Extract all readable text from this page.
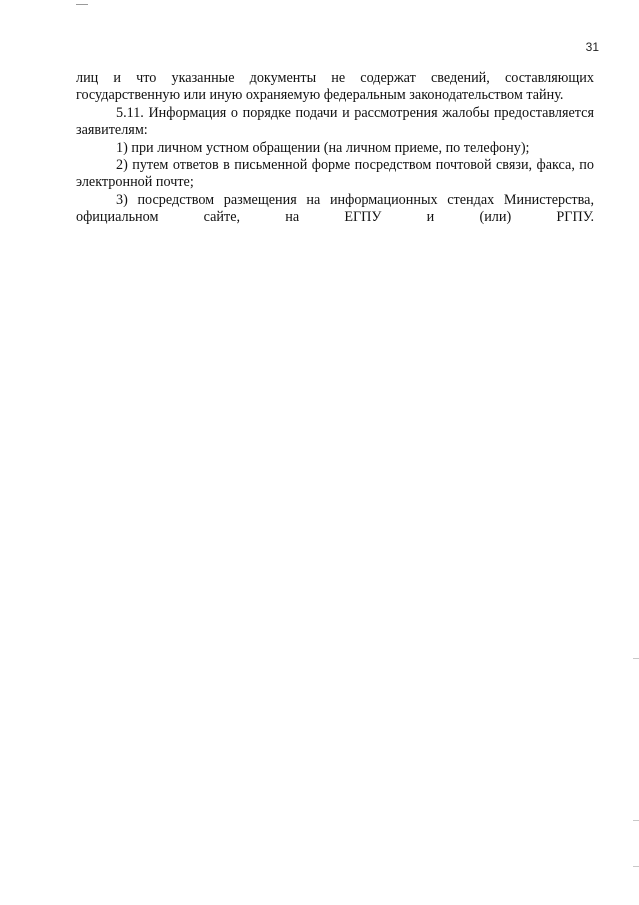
31

лиц и что указанные документы не содержат сведений, составляющих государственную или иную охраняемую федеральным законодательством тайну.

5.11. Информация о порядке подачи и рассмотрения жалобы предоставляется заявителям:

1) при личном устном обращении (на личном приеме, по телефону);

2) путем ответов в письменной форме посредством почтовой связи, факса, по электронной почте;

3) посредством размещения на информационных стендах Министерства, официальном сайте, на ЕГПУ и (или) РГПУ.
